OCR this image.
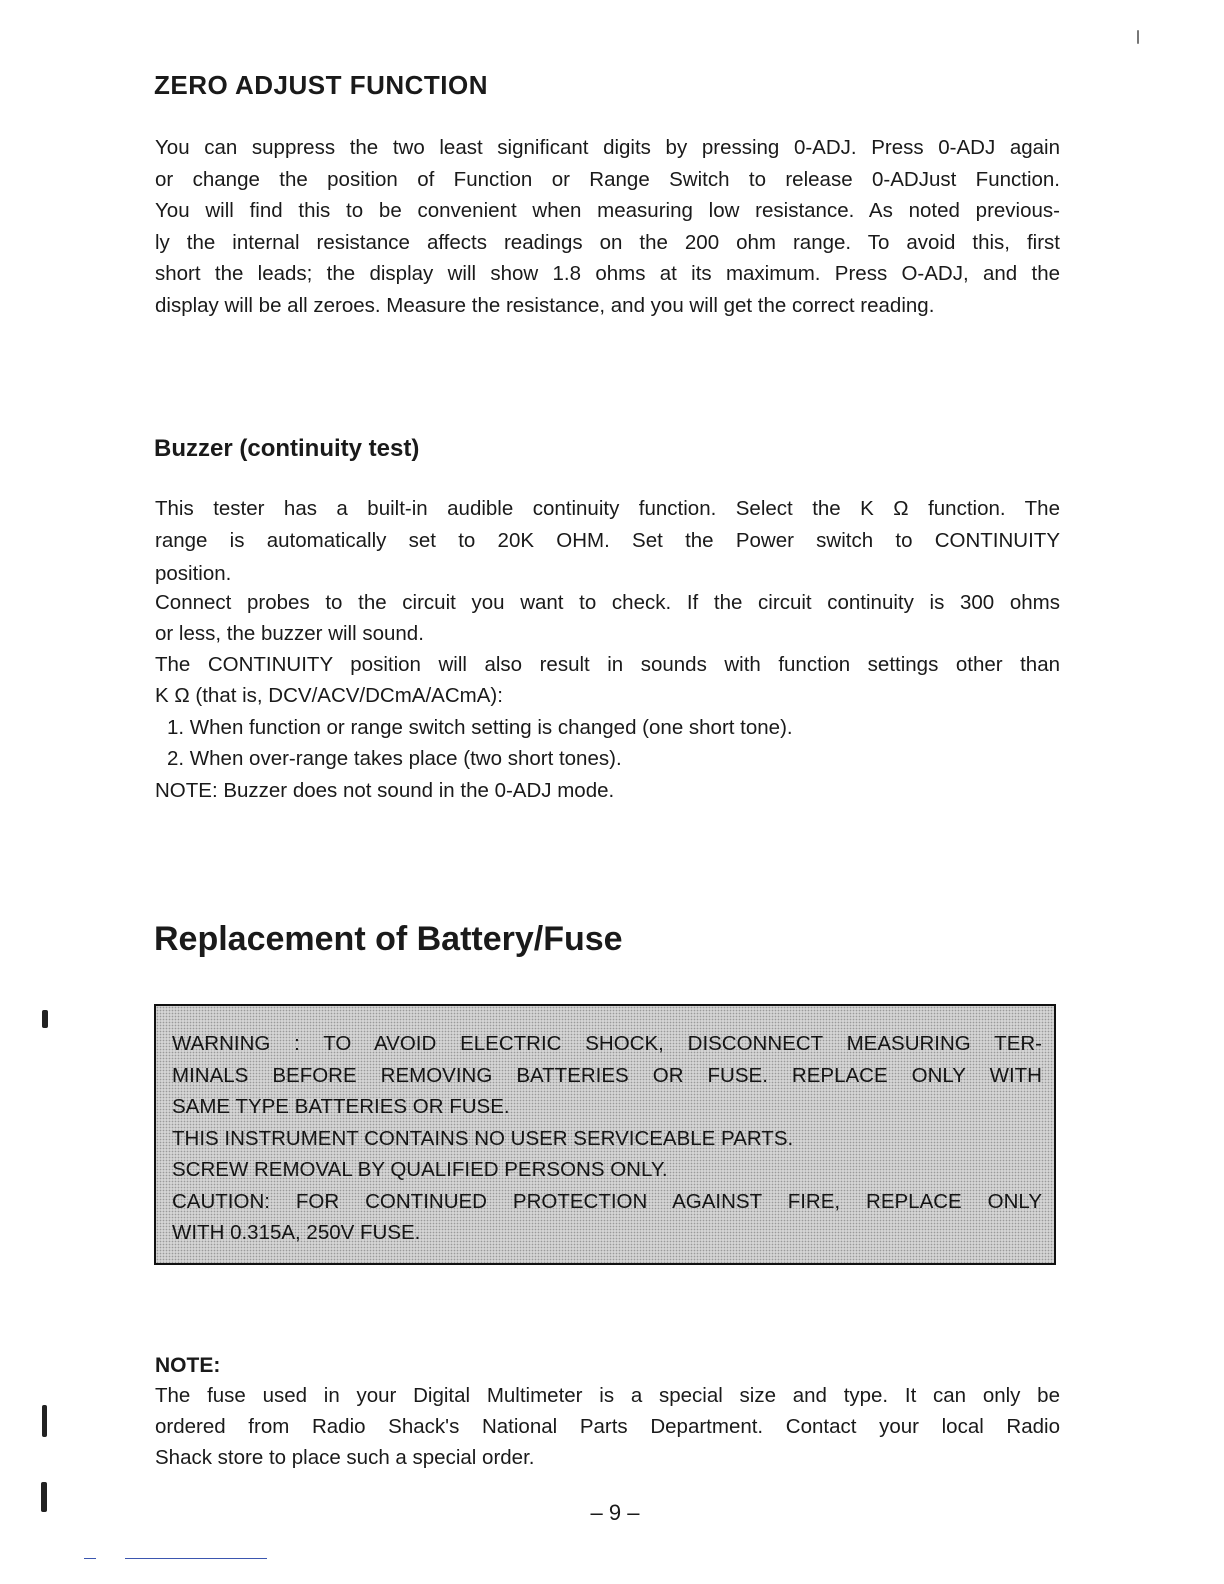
ZERO ADJUST FUNCTION

You can suppress the two least significant digits by pressing 0-ADJ. Press 0-ADJ again

or change the position of Function or Range Switch to release 0-ADJust Function.

You will find this to be convenient when measuring low resistance. As noted previous-

ly the internal resistance affects readings on the 200 ohm range. To avoid this, first

short the leads; the display will show 1.8 ohms at its maximum. Press O-ADJ, and the

display will be all zeroes. Measure the resistance, and you will get the correct reading.

Buzzer (continuity test)

This tester has a built-in audible continuity function. Select the K Ω function. The

range is automatically set to 20K OHM. Set the Power switch to CONTINUITY

position.

Connect probes to the circuit you want to check. If the circuit continuity is 300 ohms

or less, the buzzer will sound.

The CONTINUITY position will also result in sounds with function settings other than

K Ω (that is, DCV/ACV/DCmA/ACmA):

1. When function or range switch setting is changed (one short tone).

2. When over-range takes place (two short tones).

NOTE: Buzzer does not sound in the 0-ADJ mode.

Replacement of Battery/Fuse

WARNING : TO AVOID ELECTRIC SHOCK, DISCONNECT MEASURING TER-

MINALS BEFORE REMOVING BATTERIES OR FUSE. REPLACE ONLY WITH

SAME TYPE BATTERIES OR FUSE.

THIS INSTRUMENT CONTAINS NO USER SERVICEABLE PARTS.

SCREW REMOVAL BY QUALIFIED PERSONS ONLY.

CAUTION: FOR CONTINUED PROTECTION AGAINST FIRE, REPLACE ONLY

WITH 0.315A, 250V FUSE.

NOTE:

The fuse used in your Digital Multimeter is a special size and type. It can only be

ordered from Radio Shack's National Parts Department. Contact your local Radio

Shack store to place such a special order.

– 9 –
